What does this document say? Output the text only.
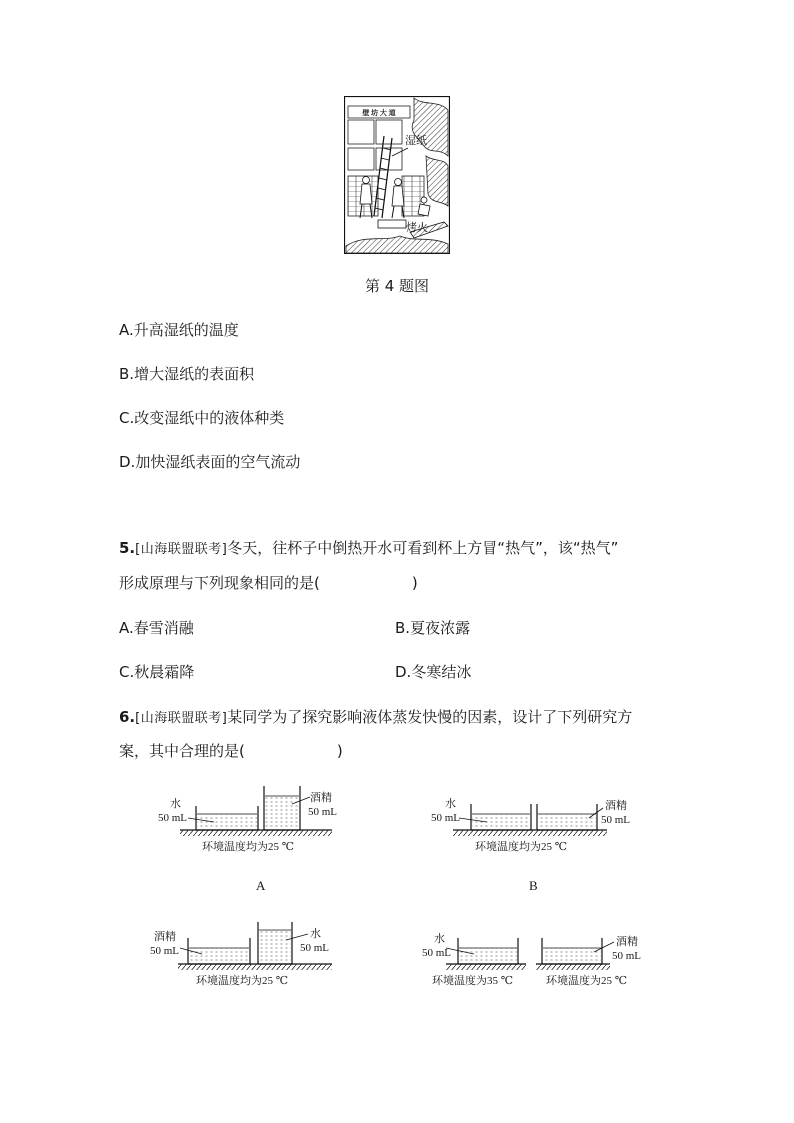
壁 坊 大 道
湿纸
烤火
第 4 题图
A.升高湿纸的温度
B.增大湿纸的表面积
C.改变湿纸中的液体种类
D.加快湿纸表面的空气流动
5.[山海联盟联考]冬天，往杯子中倒热开水可看到杯上方冒“热气”，该“热气”
形成原理与下列现象相同的是(	)
A.春雪消融	B.夏夜浓露
C.秋晨霜降	D.冬寒结冰
6.[山海联盟联考]某同学为了探究影响液体蒸发快慢的因素，设计了下列研究方
案，其中合理的是(	)
水
50 mL
酒精
50 mL
环境温度均为25 ℃
A
水
50 mL
酒精
50 mL
环境温度均为25 ℃
B
酒精
50 mL
水
50 mL
环境温度均为25 ℃
水
50 mL
酒精
50 mL
环境温度为35 ℃	环境温度为25 ℃
